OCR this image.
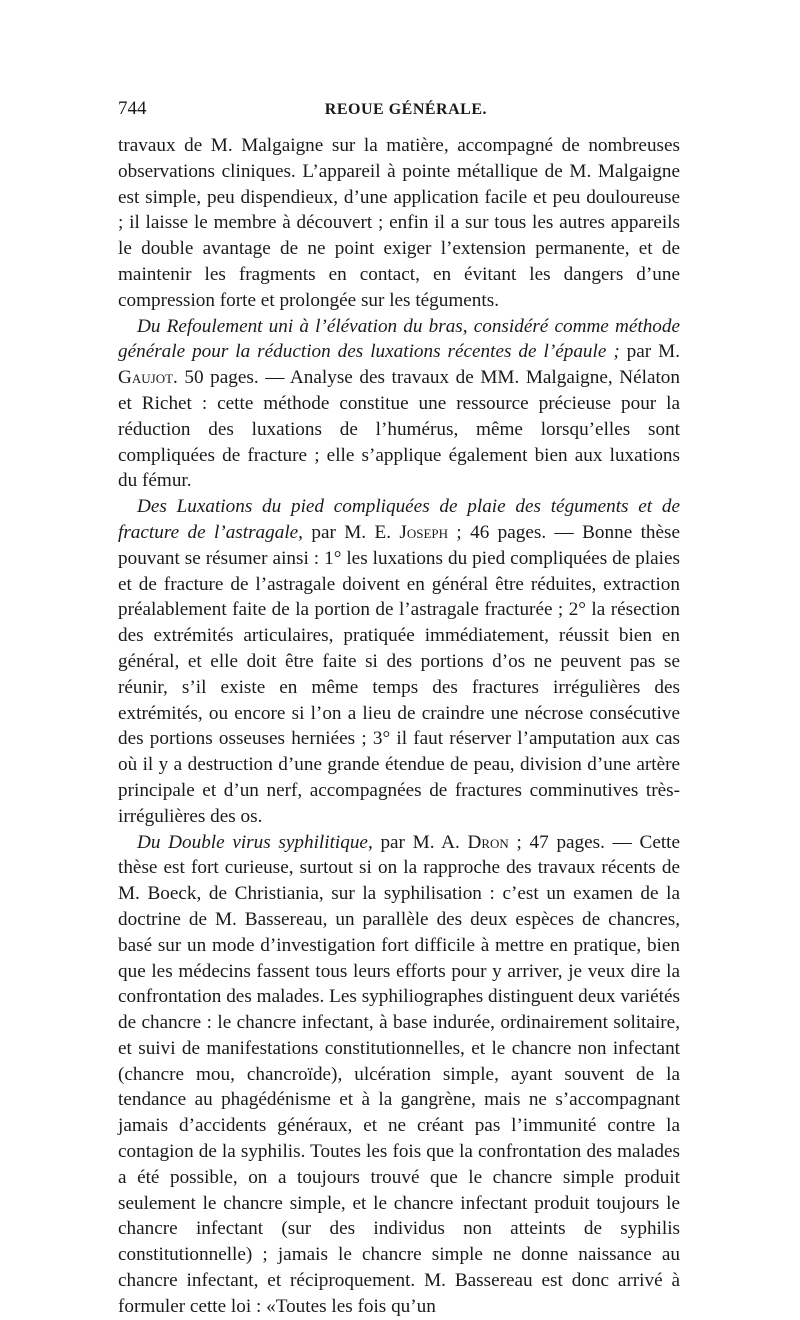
744	REOUE GÉNÉRALE.

travaux de M. Malgaigne sur la matière, accompagné de nombreuses observations cliniques. L’appareil à pointe métallique de M. Malgaigne est simple, peu dispendieux, d’une application facile et peu douloureuse ; il laisse le membre à découvert ; enfin il a sur tous les autres appareils le double avantage de ne point exiger l’extension permanente, et de maintenir les fragments en contact, en évitant les dangers d’une compression forte et prolongée sur les téguments.

Du Refoulement uni à l’élévation du bras, considéré comme méthode générale pour la réduction des luxations récentes de l’épaule ; par M. Gaujot. 50 pages. — Analyse des travaux de MM. Malgaigne, Nélaton et Richet : cette méthode constitue une ressource précieuse pour la réduction des luxations de l’humérus, même lorsqu’elles sont compliquées de fracture ; elle s’applique également bien aux luxations du fémur.

Des Luxations du pied compliquées de plaie des téguments et de fracture de l’astragale, par M. E. Joseph ; 46 pages. — Bonne thèse pouvant se résumer ainsi : 1° les luxations du pied compliquées de plaies et de fracture de l’astragale doivent en général être réduites, extraction préalablement faite de la portion de l’astragale fracturée ; 2° la résection des extrémités articulaires, pratiquée immédiatement, réussit bien en général, et elle doit être faite si des portions d’os ne peuvent pas se réunir, s’il existe en même temps des fractures irrégulières des extrémités, ou encore si l’on a lieu de craindre une nécrose consécutive des portions osseuses herniées ; 3° il faut réserver l’amputation aux cas où il y a destruction d’une grande étendue de peau, division d’une artère principale et d’un nerf, accompagnées de fractures comminutives très-irrégulières des os.

Du Double virus syphilitique, par M. A. Dron ; 47 pages. — Cette thèse est fort curieuse, surtout si on la rapproche des travaux récents de M. Boeck, de Christiania, sur la syphilisation : c’est un examen de la doctrine de M. Bassereau, un parallèle des deux espèces de chancres, basé sur un mode d’investigation fort difficile à mettre en pratique, bien que les médecins fassent tous leurs efforts pour y arriver, je veux dire la confrontation des malades. Les syphiliographes distinguent deux variétés de chancre : le chancre infectant, à base indurée, ordinairement solitaire, et suivi de manifestations constitutionnelles, et le chancre non infectant (chancre mou, chancroïde), ulcération simple, ayant souvent de la tendance au phagédénisme et à la gangrène, mais ne s’accompagnant jamais d’accidents généraux, et ne créant pas l’immunité contre la contagion de la syphilis. Toutes les fois que la confrontation des malades a été possible, on a toujours trouvé que le chancre simple produit seulement le chancre simple, et le chancre infectant produit toujours le chancre infectant (sur des individus non atteints de syphilis constitutionnelle) ; jamais le chancre simple ne donne naissance au chancre infectant, et réciproquement. M. Bassereau est donc arrivé à formuler cette loi : «Toutes les fois qu’un
